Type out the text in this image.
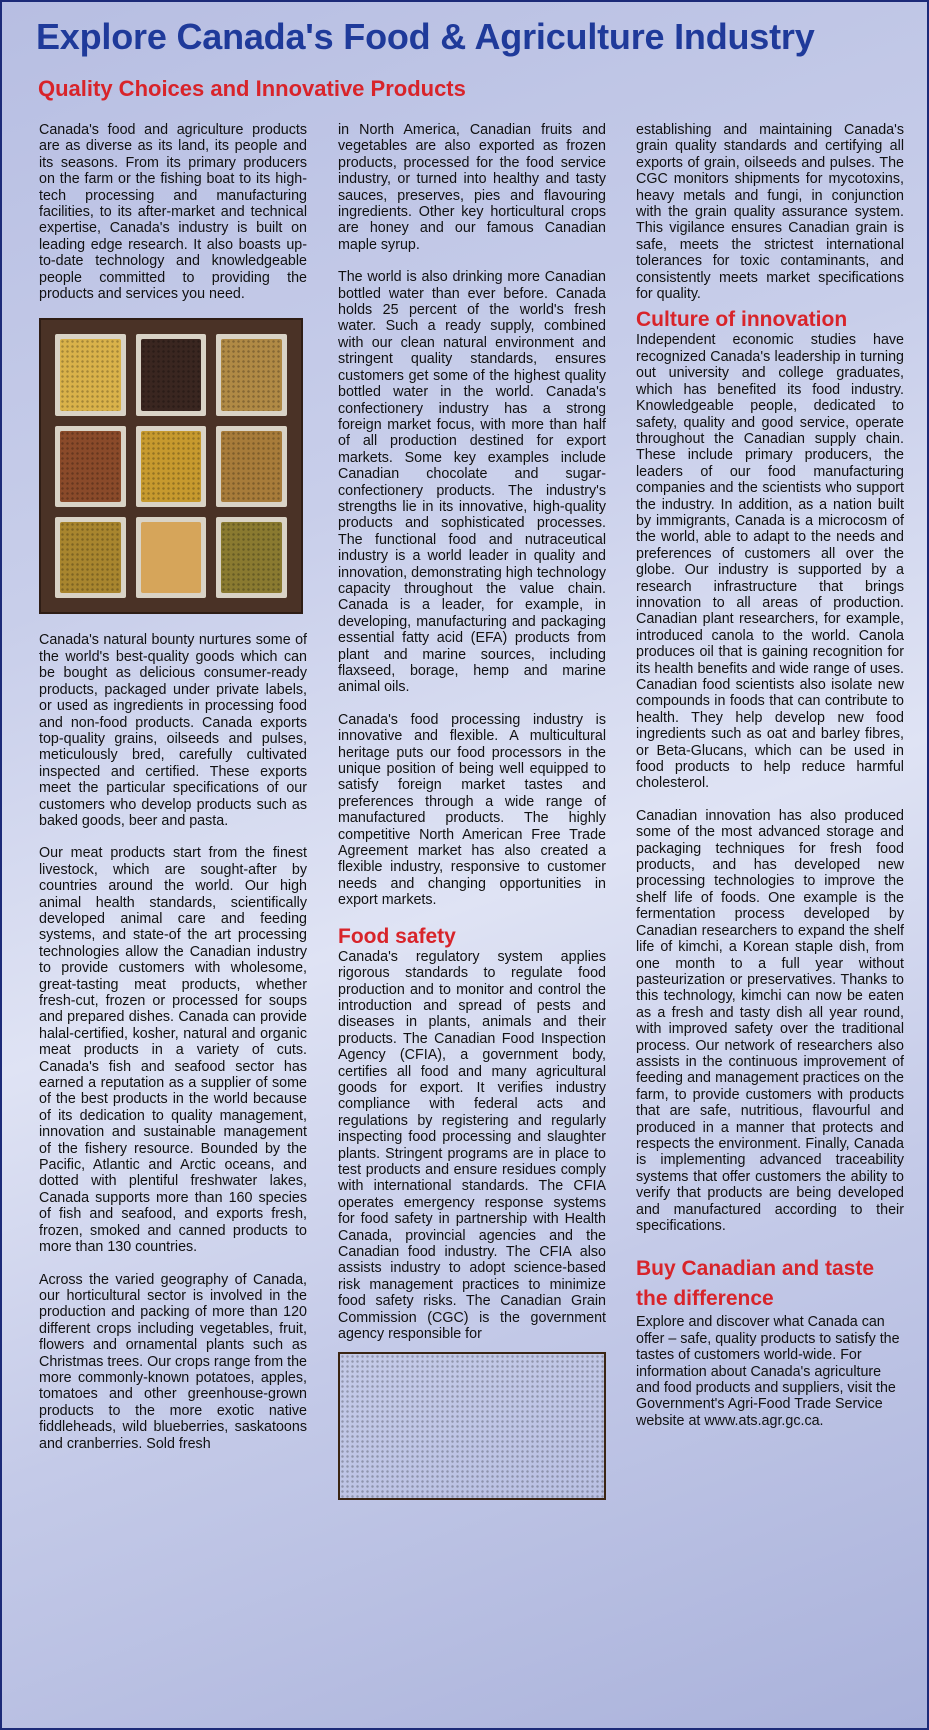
Explore Canada's Food & Agriculture Industry
Quality Choices and Innovative Products

Canada's food and agriculture products are as diverse as its land, its people and its seasons. From its primary producers on the farm or the fishing boat to its high-tech processing and manufacturing facilities, to its after-market and technical expertise, Canada's industry is built on leading edge research. It also boasts up-to-date technology and knowledgeable people committed to providing the products and services you need.

Canada's natural bounty nurtures some of the world's best-quality goods which can be bought as delicious consumer-ready products, packaged under private labels, or used as ingredients in processing food and non-food products. Canada exports top-quality grains, oilseeds and pulses, meticulously bred, carefully cultivated inspected and certified. These exports meet the particular specifications of our customers who develop products such as baked goods, beer and pasta.

Our meat products start from the finest livestock, which are sought-after by countries around the world. Our high animal health standards, scientifically developed animal care and feeding systems, and state-of the art processing technologies allow the Canadian industry to provide customers with wholesome, great-tasting meat products, whether fresh-cut, frozen or processed for soups and prepared dishes. Canada can provide halal-certified, kosher, natural and organic meat products in a variety of cuts. Canada's fish and seafood sector has earned a reputation as a supplier of some of the best products in the world because of its dedication to quality management, innovation and sustainable management of the fishery resource. Bounded by the Pacific, Atlantic and Arctic oceans, and dotted with plentiful freshwater lakes, Canada supports more than 160 species of fish and seafood, and exports fresh, frozen, smoked and canned products to more than 130 countries.

Across the varied geography of Canada, our horticultural sector is involved in the production and packing of more than 120 different crops including vegetables, fruit, flowers and ornamental plants such as Christmas trees. Our crops range from the more commonly-known potatoes, apples, tomatoes and other greenhouse-grown products to the more exotic native fiddleheads, wild blueberries, saskatoons and cranberries. Sold fresh

in North America, Canadian fruits and vegetables are also exported as frozen products, processed for the food service industry, or turned into healthy and tasty sauces, preserves, pies and flavouring ingredients. Other key horticultural crops are honey and our famous Canadian maple syrup.

The world is also drinking more Canadian bottled water than ever before. Canada holds 25 percent of the world's fresh water. Such a ready supply, combined with our clean natural environment and stringent quality standards, ensures customers get some of the highest quality bottled water in the world. Canada's confectionery industry has a strong foreign market focus, with more than half of all production destined for export markets. Some key examples include Canadian chocolate and sugar-confectionery products. The industry's strengths lie in its innovative, high-quality products and sophisticated processes. The functional food and nutraceutical industry is a world leader in quality and innovation, demonstrating high technology capacity throughout the value chain. Canada is a leader, for example, in developing, manufacturing and packaging essential fatty acid (EFA) products from plant and marine sources, including flaxseed, borage, hemp and marine animal oils.

Canada's food processing industry is innovative and flexible. A multicultural heritage puts our food processors in the unique position of being well equipped to satisfy foreign market tastes and preferences through a wide range of manufactured products. The highly competitive North American Free Trade Agreement market has also created a flexible industry, responsive to customer needs and changing opportunities in export markets.

Food safety

Canada's regulatory system applies rigorous standards to regulate food production and to monitor and control the introduction and spread of pests and diseases in plants, animals and their products. The Canadian Food Inspection Agency (CFIA), a government body, certifies all food and many agricultural goods for export. It verifies industry compliance with federal acts and regulations by registering and regularly inspecting food processing and slaughter plants. Stringent programs are in place to test products and ensure residues comply with international standards. The CFIA operates emergency response systems for food safety in partnership with Health Canada, provincial agencies and the Canadian food industry. The CFIA also assists industry to adopt science-based risk management practices to minimize food safety risks. The Canadian Grain Commission (CGC) is the government agency responsible for

establishing and maintaining Canada's grain quality standards and certifying all exports of grain, oilseeds and pulses. The CGC monitors shipments for mycotoxins, heavy metals and fungi, in conjunction with the grain quality assurance system. This vigilance ensures Canadian grain is safe, meets the strictest international tolerances for toxic contaminants, and consistently meets market specifications for quality.

Culture of innovation

Independent economic studies have recognized Canada's leadership in turning out university and college graduates, which has benefited its food industry. Knowledgeable people, dedicated to safety, quality and good service, operate throughout the Canadian supply chain. These include primary producers, the leaders of our food manufacturing companies and the scientists who support the industry. In addition, as a nation built by immigrants, Canada is a microcosm of the world, able to adapt to the needs and preferences of customers all over the globe. Our industry is supported by a research infrastructure that brings innovation to all areas of production. Canadian plant researchers, for example, introduced canola to the world. Canola produces oil that is gaining recognition for its health benefits and wide range of uses. Canadian food scientists also isolate new compounds in foods that can contribute to health. They help develop new food ingredients such as oat and barley fibres, or Beta-Glucans, which can be used in food products to help reduce harmful cholesterol.

Canadian innovation has also produced some of the most advanced storage and packaging techniques for fresh food products, and has developed new processing technologies to improve the shelf life of foods. One example is the fermentation process developed by Canadian researchers to expand the shelf life of kimchi, a Korean staple dish, from one month to a full year without pasteurization or preservatives. Thanks to this technology, kimchi can now be eaten as a fresh and tasty dish all year round, with improved safety over the traditional process. Our network of researchers also assists in the continuous improvement of feeding and management practices on the farm, to provide customers with products that are safe, nutritious, flavourful and produced in a manner that protects and respects the environment. Finally, Canada is implementing advanced traceability systems that offer customers the ability to verify that products are being developed and manufactured according to their specifications.

Buy Canadian and taste the difference

Explore and discover what Canada can offer – safe, quality products to satisfy the tastes of customers world-wide. For information about Canada's agriculture and food products and suppliers, visit the Government's Agri-Food Trade Service website at www.ats.agr.gc.ca.
